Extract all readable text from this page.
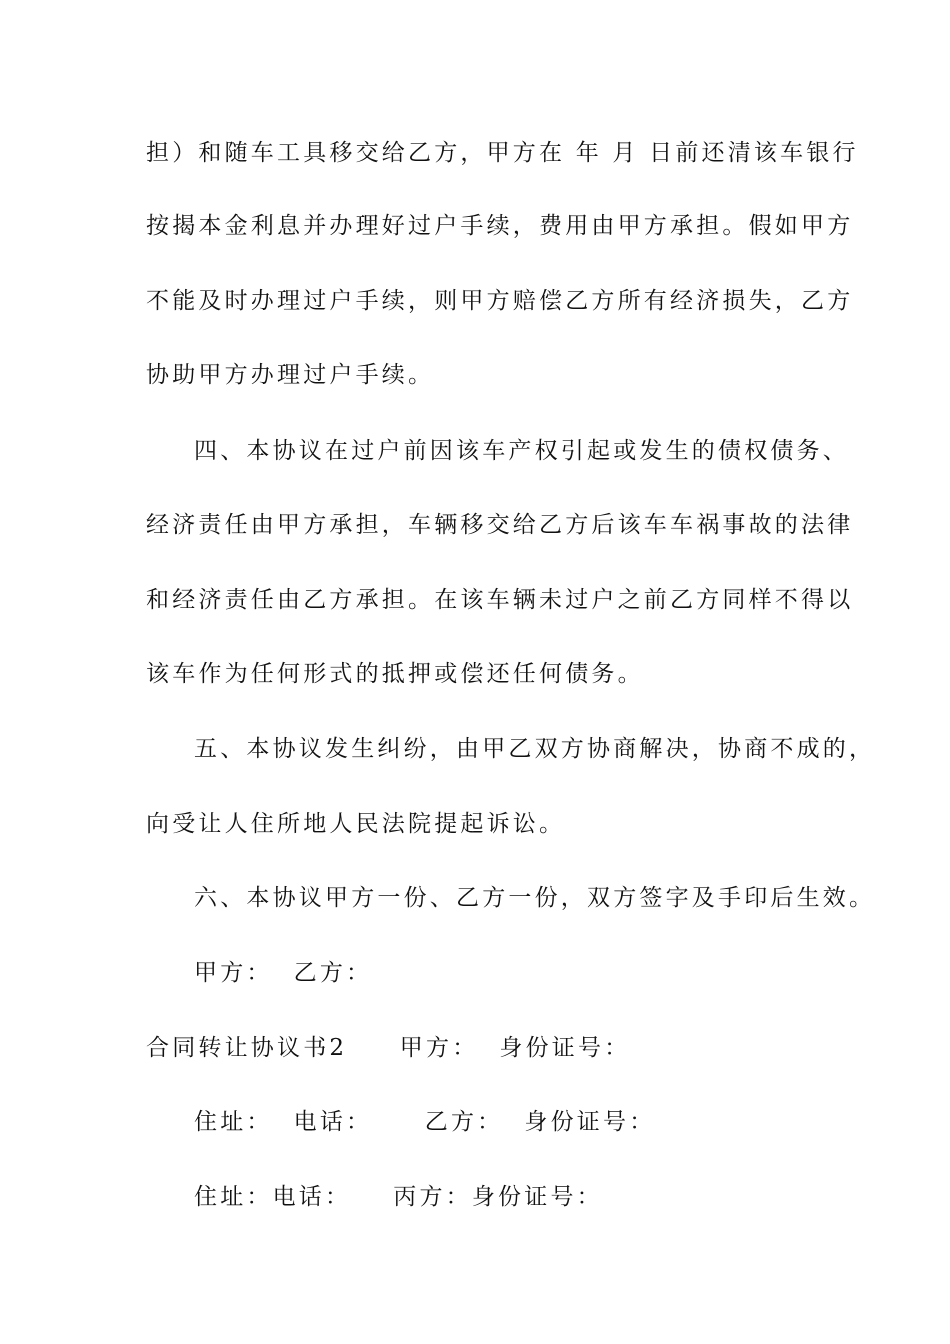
担）和随车工具移交给乙方，甲方在 年 月 日前还清该车银行
按揭本金利息并办理好过户手续，费用由甲方承担。假如甲方
不能及时办理过户手续，则甲方赔偿乙方所有经济损失，乙方
协助甲方办理过户手续。
四、本协议在过户前因该车产权引起或发生的债权债务、
经济责任由甲方承担，车辆移交给乙方后该车车祸事故的法律
和经济责任由乙方承担。在该车辆未过户之前乙方同样不得以
该车作为任何形式的抵押或偿还任何债务。
五、本协议发生纠纷，由甲乙双方协商解决，协商不成的，
向受让人住所地人民法院提起诉讼。
六、本协议甲方一份、乙方一份，双方签字及手印后生效。
甲方：  乙方：
合同转让协议书2     甲方：  身份证号：
住址：  电话：     乙方：  身份证号：
住址：电话：    丙方：身份证号：
